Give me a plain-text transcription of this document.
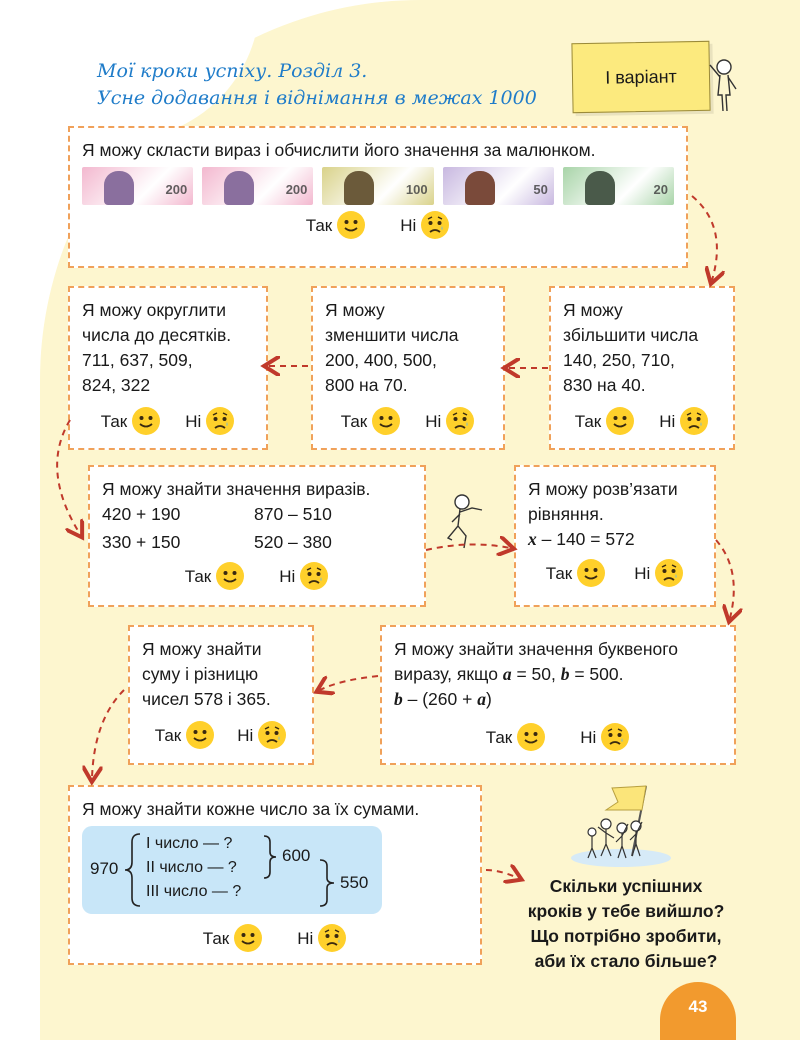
Мої кроки успіху. Розділ 3.
Усне додавання і віднімання в межах 1000
І варіант
Я можу скласти вираз і обчислити його значення за малюнком.
200	200	100	50	20
Так	Ні
Я можу округлити
числа до десятків.
711, 637, 509,
824, 322
Так	Ні
Я можу
зменшити числа
200, 400, 500,
800 на 70.
Так	Ні
Я можу
збільшити числа
140, 250, 710,
830 на 40.
Так	Ні
Я можу знайти значення виразів.
420 + 190	870 – 510
330 + 150	520 – 380
Так	Ні
Я можу розв’язати
рівняння.
x – 140 = 572
Так	Ні
Я можу знайти
суму і різницю
чисел 578 і 365.
Так	Ні
Я можу знайти значення буквеного
виразу, якщо a = 50, b = 500.
b – (260 + a)
Так	Ні
Я можу знайти кожне число за їх сумами.
Так	Ні
970
І число — ?
ІІ число — ?
ІІІ число — ?
600
550	Скільки успішних
кроків у тебе вийшло?
Що потрібно зробити,
аби їх стало більше?
43
